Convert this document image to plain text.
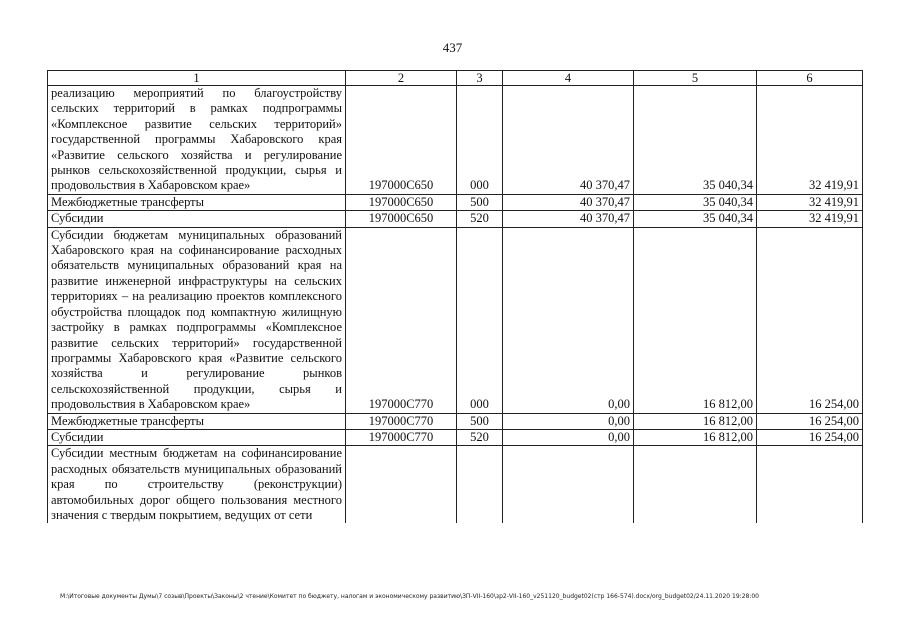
437
1	2	3	4	5	6
реализацию мероприятий по благоустройству сельских территорий в рамках подпрограммы «Комплексное развитие сельских территорий» государственной программы Хабаровского края «Развитие сельского хозяйства и регулирование рынков сельскохозяйственной продукции, сырья и продовольствия в Хабаровском крае»	197000С650	000	40 370,47	35 040,34	32 419,91
Межбюджетные трансферты	197000С650	500	40 370,47	35 040,34	32 419,91
Субсидии	197000С650	520	40 370,47	35 040,34	32 419,91
Субсидии бюджетам муниципальных образований Хабаровского края на софинансирование расходных обязательств муниципальных образований края на развитие инженерной инфраструктуры на сельских территориях – на реализацию проектов комплексного обустройства площадок под компактную жилищную застройку в рамках подпрограммы «Комплексное развитие сельских территорий» государственной программы Хабаровского края «Развитие сельского хозяйства и регулирование рынков сельскохозяйственной продукции, сырья и продовольствия в Хабаровском крае»	197000С770	000	0,00	16 812,00	16 254,00
Межбюджетные трансферты	197000С770	500	0,00	16 812,00	16 254,00
Субсидии	197000С770	520	0,00	16 812,00	16 254,00
Субсидии местным бюджетам на софинансирование расходных обязательств муниципальных образований края по строительству (реконструкции) автомобильных дорог общего пользования местного значения с твердым покрытием, ведущих от сети					
M:\Итоговые документы Думы\7 созыв\Проекты\Законы\2 чтение\Комитет по бюджету, налогам и экономическому развитию\ЗП-VII-160\зр2-VII-160_v251120_budget02(стр 166-574).docx/org_budget02/24.11.2020 19:28:00
